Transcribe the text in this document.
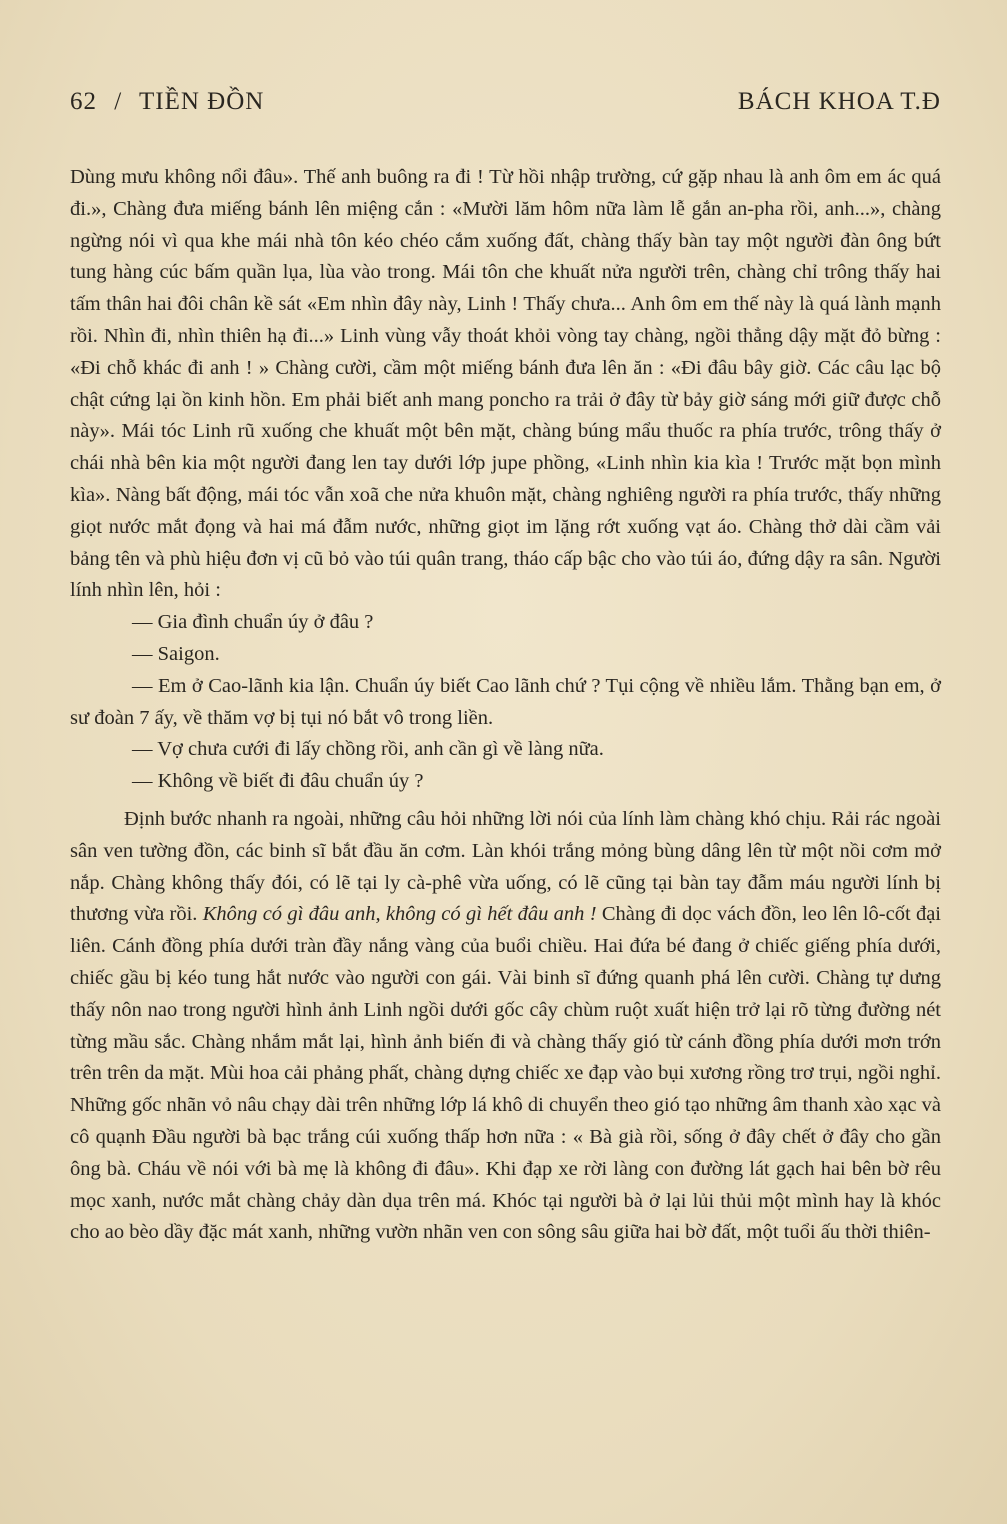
62 / TIỀN ĐỒN	BÁCH KHOA T.Đ

Dùng mưu không nổi đâu». Thế anh buông ra đi ! Từ hồi nhập trường, cứ gặp nhau là anh ôm em ác quá đi.», Chàng đưa miếng bánh lên miệng cắn : «Mười lăm hôm nữa làm lễ gắn an-pha rồi, anh...», chàng ngừng nói vì qua khe mái nhà tôn kéo chéo cắm xuống đất, chàng thấy bàn tay một người đàn ông bứt tung hàng cúc bấm quần lụa, lùa vào trong. Mái tôn che khuất nửa người trên, chàng chỉ trông thấy hai tấm thân hai đôi chân kề sát «Em nhìn đây này, Linh ! Thấy chưa... Anh ôm em thế này là quá lành mạnh rồi. Nhìn đi, nhìn thiên hạ đi...» Linh vùng vẫy thoát khỏi vòng tay chàng, ngồi thẳng dậy mặt đỏ bừng : «Đi chỗ khác đi anh ! » Chàng cười, cầm một miếng bánh đưa lên ăn : «Đi đâu bây giờ. Các câu lạc bộ chật cứng lại ồn kinh hồn. Em phải biết anh mang poncho ra trải ở đây từ bảy giờ sáng mới giữ được chỗ này». Mái tóc Linh rũ xuống che khuất một bên mặt, chàng búng mẩu thuốc ra phía trước, trông thấy ở chái nhà bên kia một người đang len tay dưới lớp jupe phồng, «Linh nhìn kia kìa ! Trước mặt bọn mình kìa». Nàng bất động, mái tóc vẫn xoã che nửa khuôn mặt, chàng nghiêng người ra phía trước, thấy những giọt nước mắt đọng và hai má đẫm nước, những giọt im lặng rớt xuống vạt áo. Chàng thở dài cầm vải bảng tên và phù hiệu đơn vị cũ bỏ vào túi quân trang, tháo cấp bậc cho vào túi áo, đứng dậy ra sân. Người lính nhìn lên, hỏi :

— Gia đình chuẩn úy ở đâu ?

— Saigon.

— Em ở Cao-lãnh kia lận. Chuẩn úy biết Cao lãnh chứ ? Tụi cộng về nhiều lắm. Thằng bạn em, ở sư đoàn 7 ấy, về thăm vợ bị tụi nó bắt vô trong liền.

— Vợ chưa cưới đi lấy chồng rồi, anh cần gì về làng nữa.

— Không về biết đi đâu chuẩn úy ?

Định bước nhanh ra ngoài, những câu hỏi những lời nói của lính làm chàng khó chịu. Rải rác ngoài sân ven tường đồn, các binh sĩ bắt đầu ăn cơm. Làn khói trắng mỏng bùng dâng lên từ một nồi cơm mở nắp. Chàng không thấy đói, có lẽ tại ly cà-phê vừa uống, có lẽ cũng tại bàn tay đẫm máu người lính bị thương vừa rồi. Không có gì đâu anh, không có gì hết đâu anh ! Chàng đi dọc vách đồn, leo lên lô-cốt đại liên. Cánh đồng phía dưới tràn đầy nắng vàng của buổi chiều. Hai đứa bé đang ở chiếc giếng phía dưới, chiếc gầu bị kéo tung hắt nước vào người con gái. Vài binh sĩ đứng quanh phá lên cười. Chàng tự dưng thấy nôn nao trong người hình ảnh Linh ngồi dưới gốc cây chùm ruột xuất hiện trở lại rõ từng đường nét từng mầu sắc. Chàng nhắm mắt lại, hình ảnh biến đi và chàng thấy gió từ cánh đồng phía dưới mơn trớn trên trên da mặt. Mùi hoa cải phảng phất, chàng dựng chiếc xe đạp vào bụi xương rồng trơ trụi, ngồi nghỉ. Những gốc nhãn vỏ nâu chạy dài trên những lớp lá khô di chuyển theo gió tạo những âm thanh xào xạc và cô quạnh Đầu người bà bạc trắng cúi xuống thấp hơn nữa : « Bà già rồi, sống ở đây chết ở đây cho gần ông bà. Cháu về nói với bà mẹ là không đi đâu». Khi đạp xe rời làng con đường lát gạch hai bên bờ rêu mọc xanh, nước mắt chàng chảy dàn dụa trên má. Khóc tại người bà ở lại lủi thủi một mình hay là khóc cho ao bèo dầy đặc mát xanh, những vườn nhãn ven con sông sâu giữa hai bờ đất, một tuổi ấu thời thiên-
